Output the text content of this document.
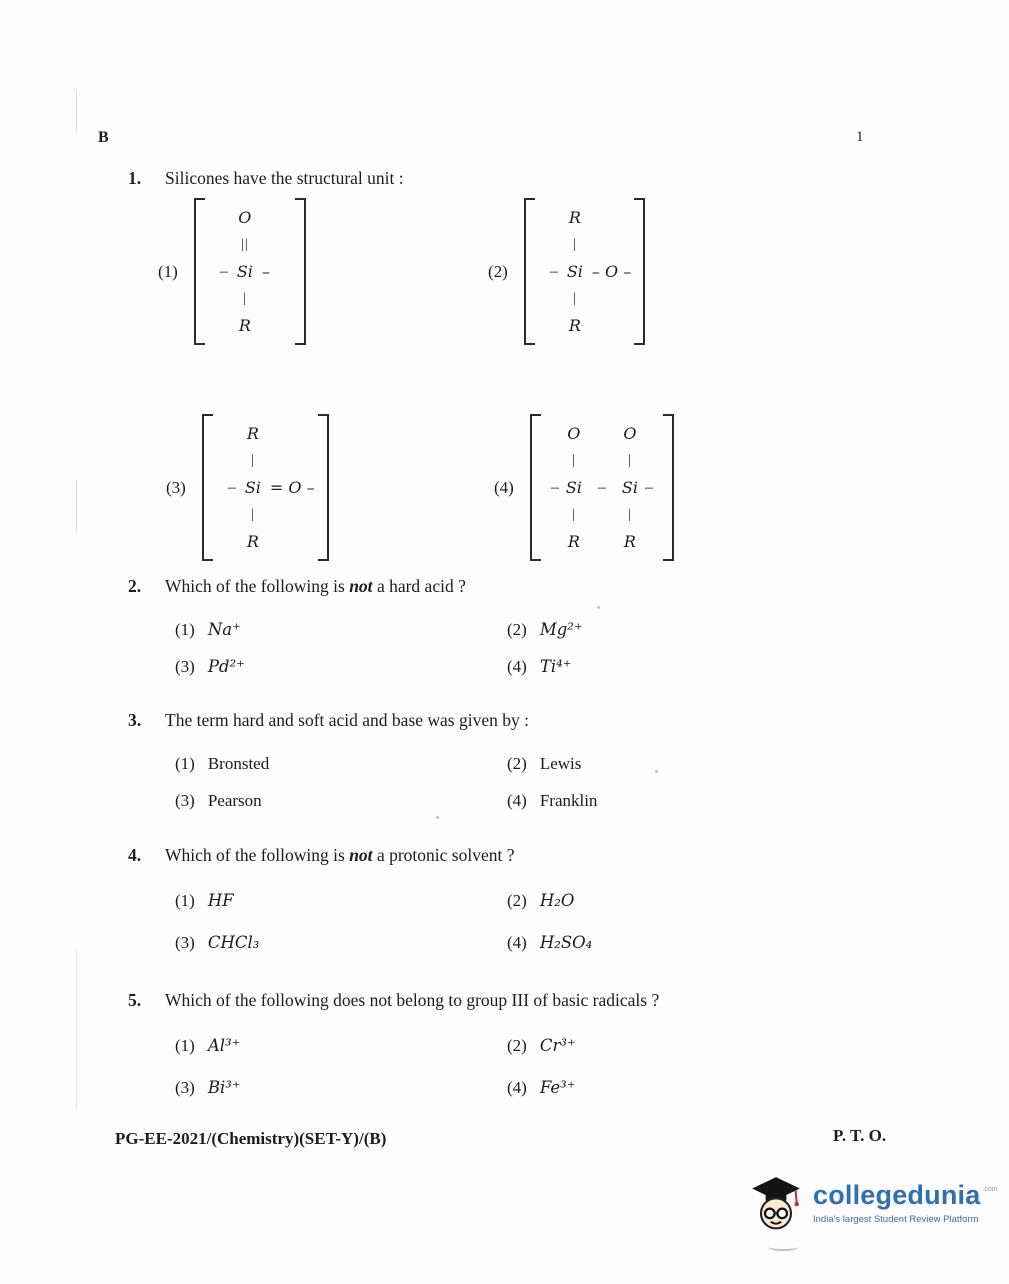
B	1
1.	Silicones have the structural unit :
(1)
O
||
– Si –
|
R
(2)
R
|
– Si – O –
|
R
(3)
R
|
– Si = O –
|
R
(4)
O	O
|	|
– Si – Si –
|	|
R	R
2.	Which of the following is not a hard acid ?
(1) Na⁺	(2) Mg²⁺
(3) Pd²⁺	(4) Ti⁴⁺
3.	The term hard and soft acid and base was given by :
(1) Bronsted	(2) Lewis
(3) Pearson	(4) Franklin
4.	Which of the following is not a protonic solvent ?
(1) HF	(2) H₂O
(3) CHCl₃	(4) H₂SO₄
5.	Which of the following does not belong to group III of basic radicals ?
(1) Al³⁺	(2) Cr³⁺
(3) Bi³⁺	(4) Fe³⁺
PG-EE-2021/(Chemistry)(SET-Y)/(B)	P. T. O.
collegedunia .com
India's largest Student Review Platform
